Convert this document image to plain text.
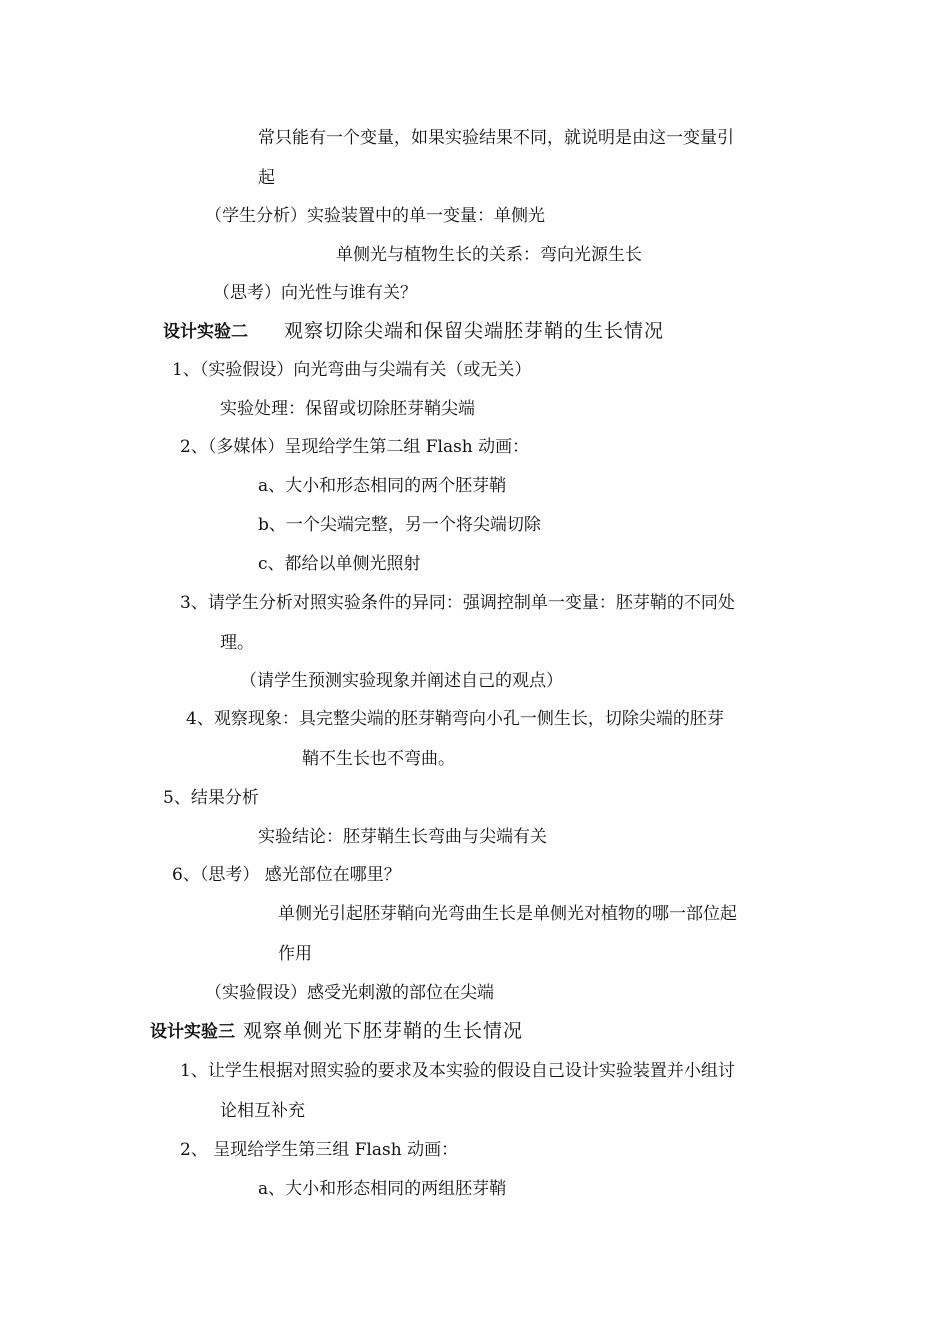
常只能有一个变量，如果实验结果不同，就说明是由这一变量引
起
（学生分析）实验装置中的单一变量：单侧光
单侧光与植物生长的关系：弯向光源生长
（思考）向光性与谁有关？
设计实验二 观察切除尖端和保留尖端胚芽鞘的生长情况
1、（实验假设）向光弯曲与尖端有关（或无关）
实验处理：保留或切除胚芽鞘尖端
2、（多媒体）呈现给学生第二组 Flash 动画：
a、大小和形态相同的两个胚芽鞘
b、一个尖端完整，另一个将尖端切除
c、都给以单侧光照射
3、请学生分析对照实验条件的异同：强调控制单一变量：胚芽鞘的不同处
理。
（请学生预测实验现象并阐述自己的观点）
4、观察现象：具完整尖端的胚芽鞘弯向小孔一侧生长，切除尖端的胚芽
鞘不生长也不弯曲。
5、结果分析
实验结论：胚芽鞘生长弯曲与尖端有关
6、（思考） 感光部位在哪里？
单侧光引起胚芽鞘向光弯曲生长是单侧光对植物的哪一部位起
作用
（实验假设）感受光刺激的部位在尖端
设计实验三 观察单侧光下胚芽鞘的生长情况
1、让学生根据对照实验的要求及本实验的假设自己设计实验装置并小组讨
论相互补充
2、 呈现给学生第三组 Flash 动画：
a、大小和形态相同的两组胚芽鞘
